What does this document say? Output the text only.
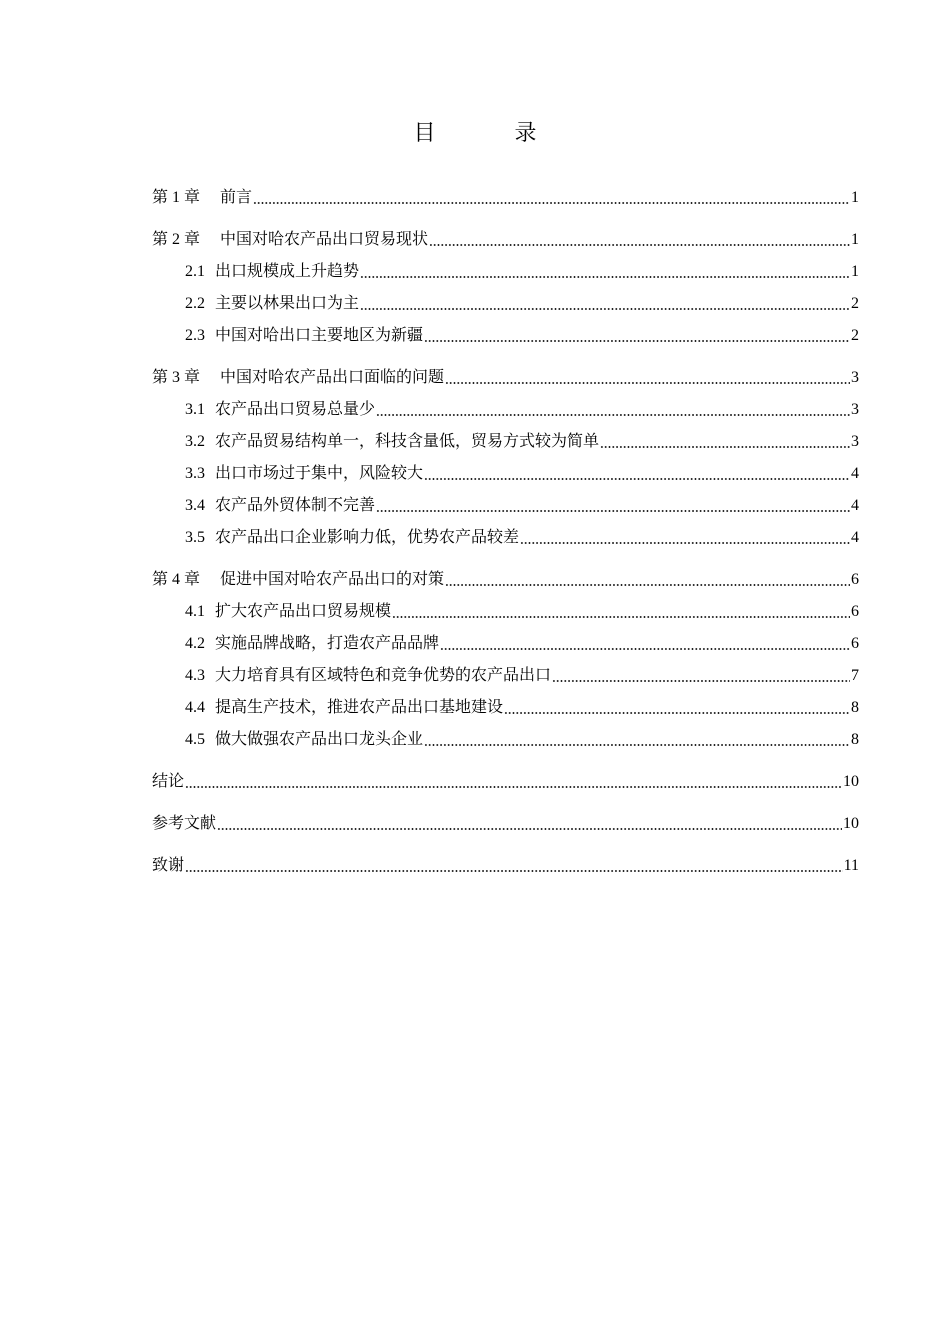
目 录
第 1 章 前言	1
第 2 章 中国对哈农产品出口贸易现状	1
2.1 出口规模成上升趋势	1
2.2 主要以林果出口为主	2
2.3 中国对哈出口主要地区为新疆	2
第 3 章 中国对哈农产品出口面临的问题	3
3.1 农产品出口贸易总量少	3
3.2 农产品贸易结构单一，科技含量低，贸易方式较为简单	3
3.3 出口市场过于集中，风险较大	4
3.4 农产品外贸体制不完善	4
3.5 农产品出口企业影响力低，优势农产品较差	4
第 4 章 促进中国对哈农产品出口的对策	6
4.1 扩大农产品出口贸易规模	6
4.2 实施品牌战略，打造农产品品牌	6
4.3 大力培育具有区域特色和竞争优势的农产品出口	7
4.4 提高生产技术，推进农产品出口基地建设	8
4.5 做大做强农产品出口龙头企业	8
结论	10
参考文献	10
致谢	11
